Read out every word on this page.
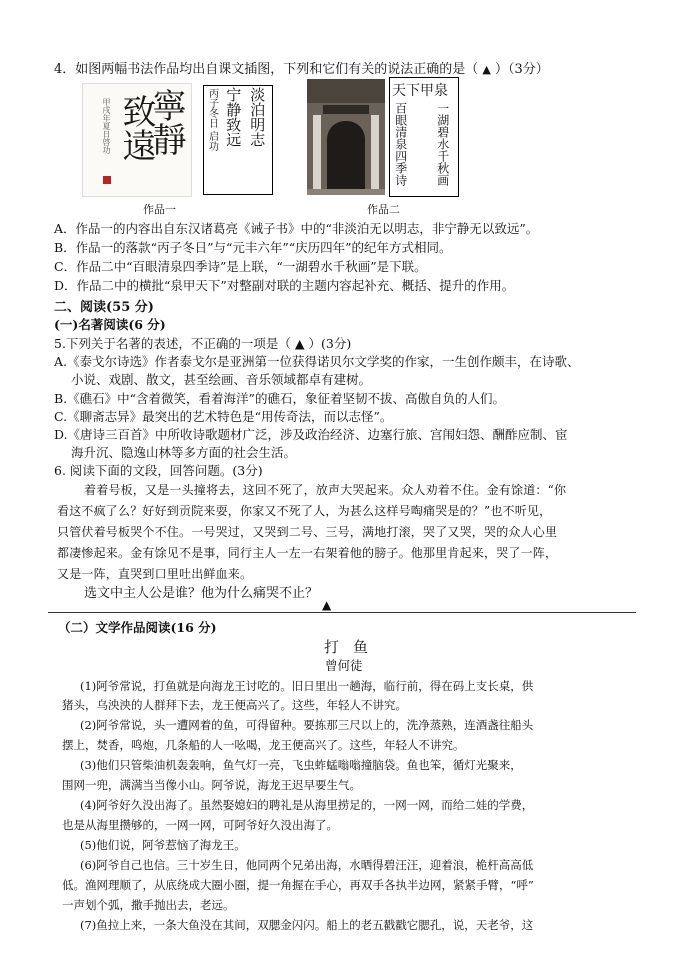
4．如图两幅书法作品均出自课文插图，下列和它们有关的说法正确的是（ ▲ ）（3分）
甲戌年夏日啓功 致遠
寧靜	淡泊明志
宁静致远
丙子冬日 启功	天下甲泉
一湖碧水千秋画
百眼清泉四季诗
作品一	作品二
A．作品一的内容出自东汉诸葛亮《诫子书》中的“非淡泊无以明志，非宁静无以致远”。
B．作品一的落款“丙子冬日”与“元丰六年”“庆历四年”的纪年方式相同。
C．作品二中“百眼清泉四季诗”是上联，“一湖碧水千秋画”是下联。
D．作品二中的横批“泉甲天下”对整副对联的主题内容起补充、概括、提升的作用。
二、阅读(55 分)
(一)名著阅读(6 分)
5.下列关于名著的表述，不正确的一项是（ ▲ ）(3分)
A.《泰戈尔诗选》作者泰戈尔是亚洲第一位获得诺贝尔文学奖的作家，一生创作颇丰，在诗歌、
小说、戏剧、散文，甚至绘画、音乐领域都卓有建树。
B.《礁石》中“含着微笑，看着海洋”的礁石，象征着坚韧不拔、高傲自负的人们。
C.《聊斋志异》最突出的艺术特色是“用传奇法，而以志怪”。
D.《唐诗三百首》中所收诗歌题材广泛，涉及政治经济、边塞行旅、宫闱妇怨、酬酢应制、宦
海升沉、隐逸山林等多方面的社会生活。
6. 阅读下面的文段，回答问题。(3分)
着着号板，又是一头撞将去，这回不死了，放声大哭起来。众人劝着不住。金有馀道：“你
看这不疯了么？好好到贡院来耍，你家又不死了人，为甚么这样号啕痛哭是的？”也不听见，
只管伏着号板哭个不住。一号哭过，又哭到二号、三号，满地打滚，哭了又哭，哭的众人心里
都凄惨起来。金有馀见不是事，同行主人一左一右架着他的膀子。他那里肯起来，哭了一阵，
又是一阵，直哭到口里吐出鲜血来。
选文中主人公是谁？他为什么痛哭不止？
▲
（二）文学作品阅读(16 分)
打鱼
曾何徒
(1)阿爷常说，打鱼就是向海龙王讨吃的。旧日里出一趟海，临行前，得在码上支长桌，供
猪头，乌泱泱的人群拜下去，龙王便高兴了。这些，年轻人不讲究。
(2)阿爷常说，头一遭网着的鱼，可得留种。要拣那三尺以上的，洗净蒸熟，连酒盏往船头
摆上，焚香，鸣炮，几条船的人一吆喝，龙王便高兴了。这些，年轻人不讲究。
(3)他们只管柴油机轰轰响，鱼气灯一亮，飞虫蚱蜢嗡嗡撞脑袋。鱼也笨，循灯光聚来，
围网一兜，满满当当像小山。阿爷说，海龙王迟早要生气。
(4)阿爷好久没出海了。虽然娶媳妇的聘礼是从海里捞足的，一网一网，而给二娃的学费，
也是从海里攒够的，一网一网，可阿爷好久没出海了。
(5)他们说，阿爷惹恼了海龙王。
(6)阿爷自己也信。三十岁生日，他同两个兄弟出海，水晒得碧汪汪，迎着浪，桅杆高高低
低。渔网理顺了，从底绕成大圈小圈，提一角握在手心，再双手各执半边网，紧紧手臂，“呼”
一声划个弧，撒手抛出去，老远。
(7)鱼拉上来，一条大鱼没在其间，双腮金闪闪。船上的老五戳戳它腮孔，说，天老爷，这
